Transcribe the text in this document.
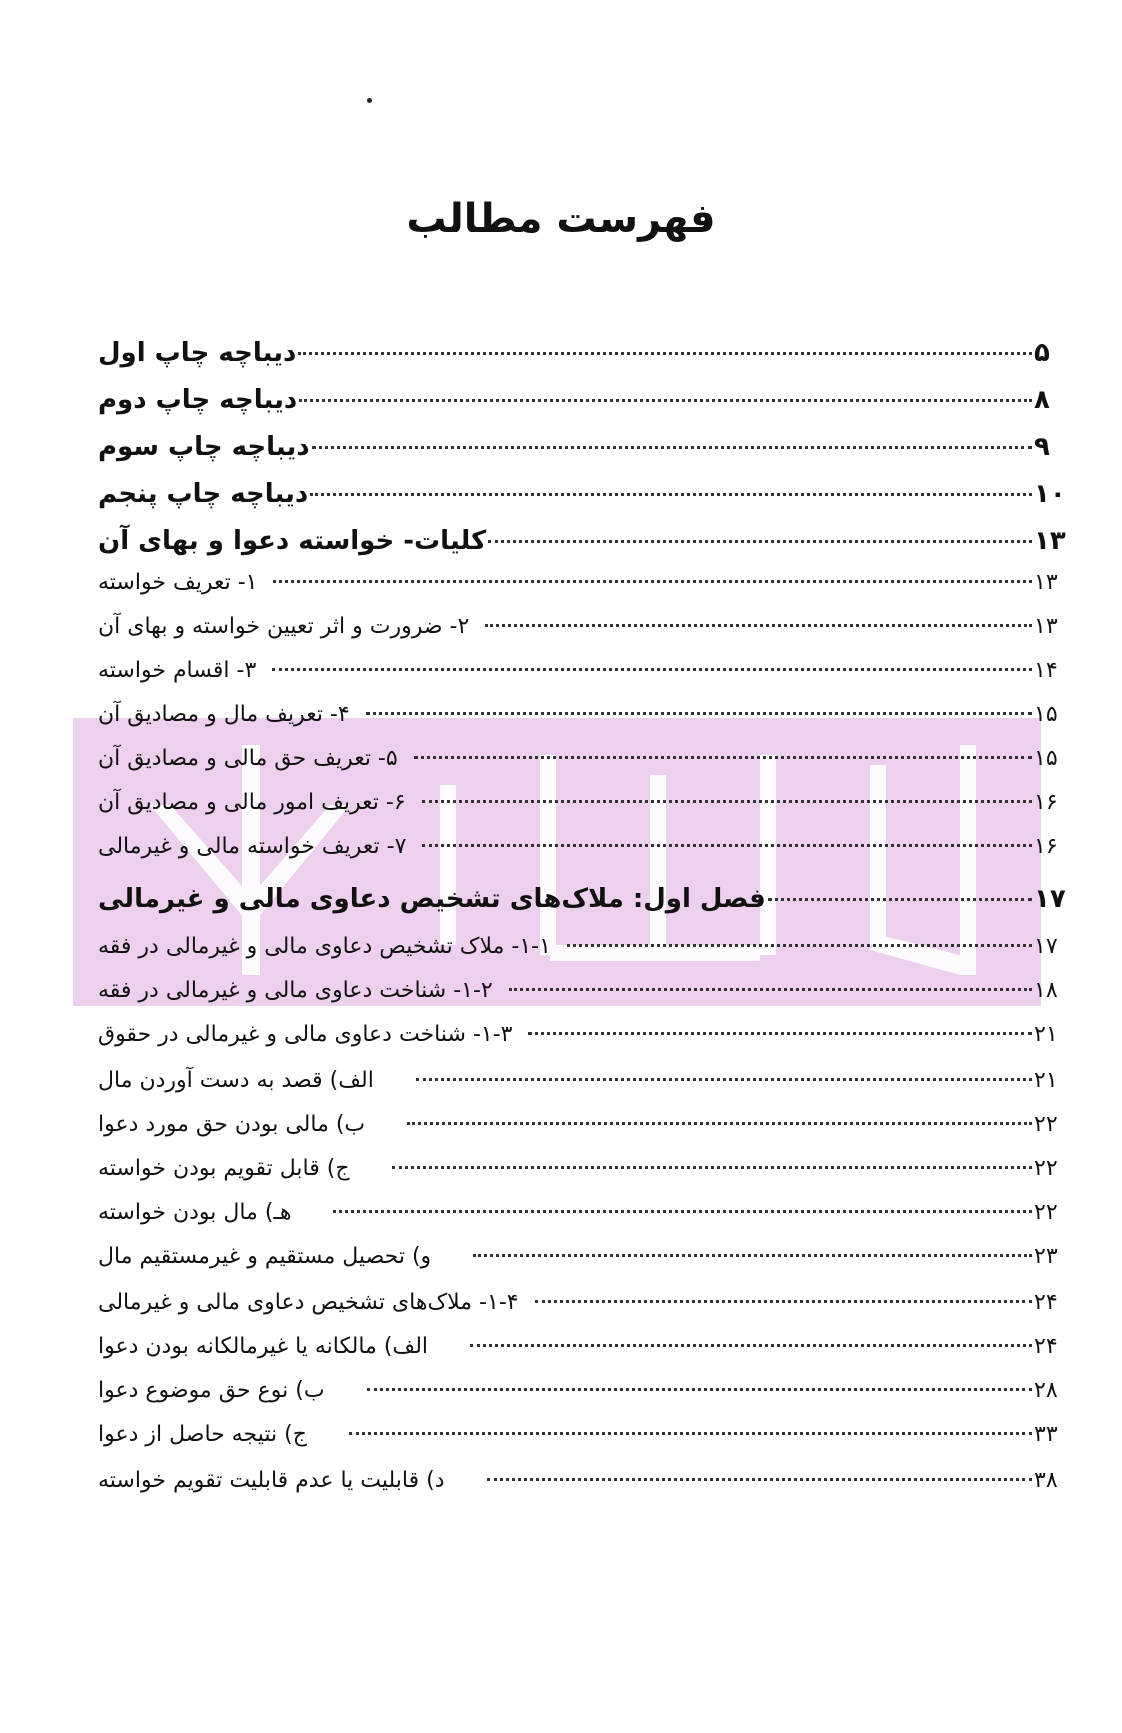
فهرست مطالب
دیباچه چاپ اول	۵
دیباچه چاپ دوم	۸
دیباچه چاپ سوم	۹
دیباچه چاپ پنجم	۱۰
کلیات- خواسته دعوا و بهای آن	۱۳
۱- تعریف خواسته	۱۳
۲- ضرورت و اثر تعیین خواسته و بهای آن	۱۳
۳- اقسام خواسته	۱۴
۴- تعریف مال و مصادیق آن	۱۵
۵- تعریف حق مالی و مصادیق آن	۱۵
۶- تعریف امور مالی و مصادیق آن	۱۶
۷- تعریف خواسته مالی و غیرمالی	۱۶
فصل اول: ملاک‌های تشخیص دعاوی مالی و غیرمالی	۱۷
۱-۱- ملاک تشخیص دعاوی مالی و غیرمالی در فقه	۱۷
۱-۲- شناخت دعاوی مالی و غیرمالی در فقه	۱۸
۱-۳- شناخت دعاوی مالی و غیرمالی در حقوق	۲۱
الف) قصد به دست آوردن مال	۲۱
ب) مالی بودن حق مورد دعوا	۲۲
ج) قابل تقویم بودن خواسته	۲۲
هـ) مال بودن خواسته	۲۲
و) تحصیل مستقیم و غیرمستقیم مال	۲۳
۱-۴- ملاک‌های تشخیص دعاوی مالی و غیرمالی	۲۴
الف) مالکانه یا غیرمالکانه بودن دعوا	۲۴
ب) نوع حق موضوع دعوا	۲۸
ج) نتیجه حاصل از دعوا	۳۳
د) قابلیت یا عدم قابلیت تقویم خواسته	۳۸
